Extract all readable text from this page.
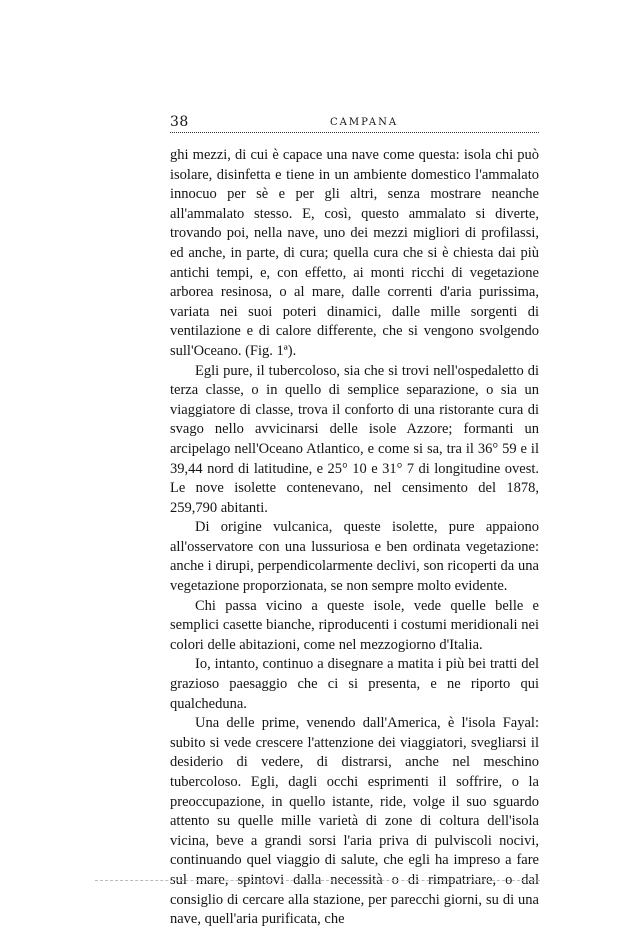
38	CAMPANA

ghi mezzi, di cui è capace una nave come questa: isola chi può isolare, disinfetta e tiene in un ambiente domestico l'ammalato innocuo per sè e per gli altri, senza mostrare neanche all'ammalato stesso. E, così, questo ammalato si diverte, trovando poi, nella nave, uno dei mezzi migliori di profilassi, ed anche, in parte, di cura; quella cura che si è chiesta dai più antichi tempi, e, con effetto, ai monti ricchi di vegetazione arborea resinosa, o al mare, dalle correnti d'aria purissima, variata nei suoi poteri dinamici, dalle mille sorgenti di ventilazione e di calore differente, che si vengono svolgendo sull'Oceano. (Fig. 1ª).

Egli pure, il tubercoloso, sia che si trovi nell'ospedaletto di terza classe, o in quello di semplice separazione, o sia un viaggiatore di classe, trova il conforto di una ristorante cura di svago nello avvicinarsi delle isole Azzore; formanti un arcipelago nell'Oceano Atlantico, e come si sa, tra il 36° 59 e il 39,44 nord di latitudine, e 25° 10 e 31° 7 di longitudine ovest. Le nove isolette contenevano, nel censimento del 1878, 259,790 abitanti.

Di origine vulcanica, queste isolette, pure appaiono all'osservatore con una lussuriosa e ben ordinata vegetazione: anche i dirupi, perpendicolarmente declivi, son ricoperti da una vegetazione proporzionata, se non sempre molto evidente.

Chi passa vicino a queste isole, vede quelle belle e semplici casette bianche, riproducenti i costumi meridionali nei colori delle abitazioni, come nel mezzogiorno d'Italia.

Io, intanto, continuo a disegnare a matita i più bei tratti del grazioso paesaggio che ci si presenta, e ne riporto qui qualcheduna.

Una delle prime, venendo dall'America, è l'isola Fayal: subito si vede crescere l'attenzione dei viaggiatori, svegliarsi il desiderio di vedere, di distrarsi, anche nel meschino tubercoloso. Egli, dagli occhi esprimenti il soffrire, o la preoccupazione, in quello istante, ride, volge il suo sguardo attento su quelle mille varietà di zone di coltura dell'isola vicina, beve a grandi sorsi l'aria priva di pulviscoli nocivi, continuando quel viaggio di salute, che egli ha impreso a fare sul mare, spintovi dalla necessità o di rimpatriare, o dal consiglio di cercare alla stazione, per parecchi giorni, su di una nave, quell'aria purificata, che
